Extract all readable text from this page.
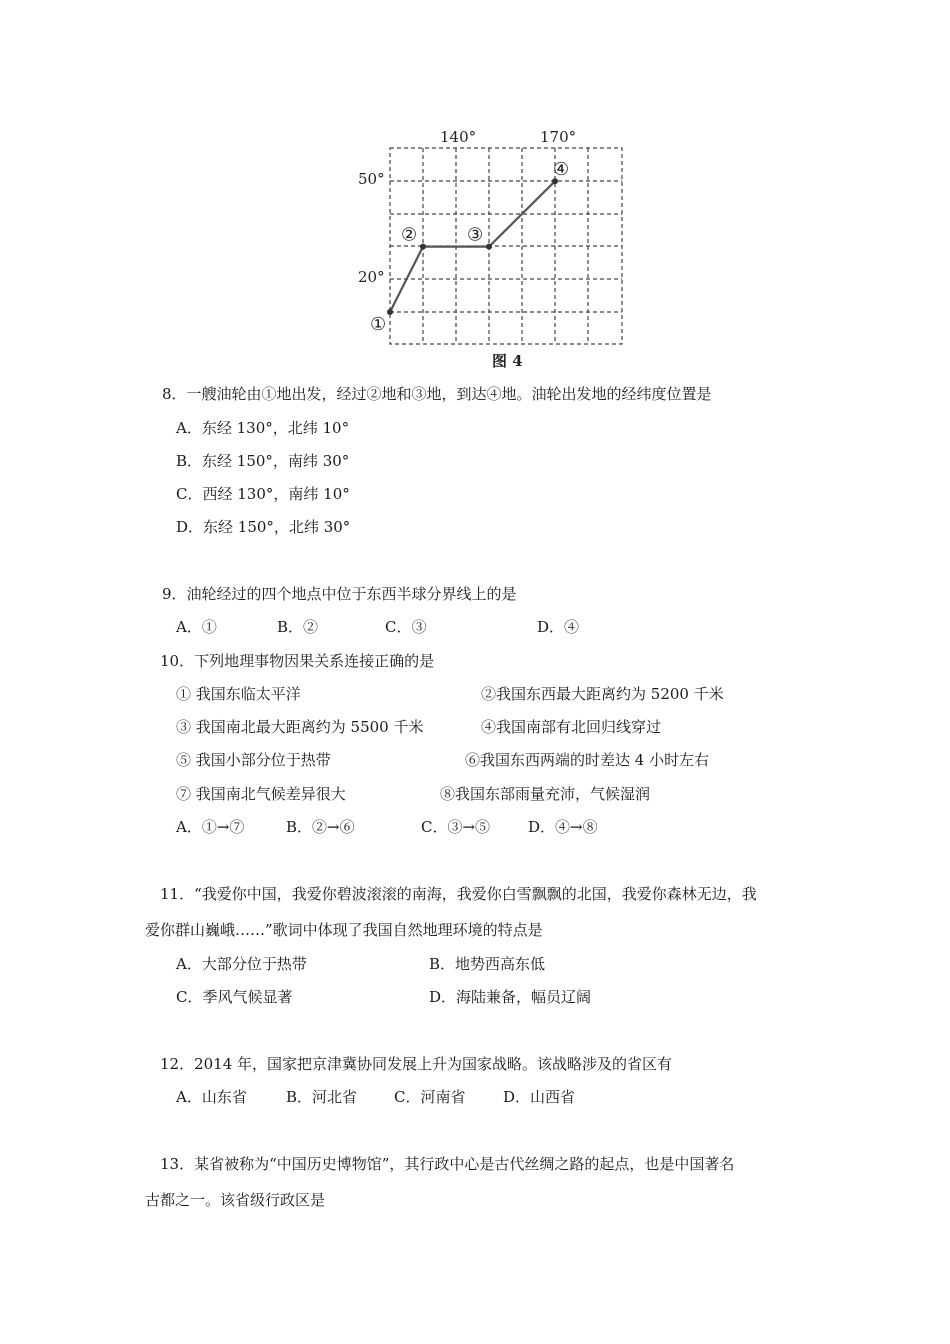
①
②	③
④
140°	170°
50°
20°
图 4
8．一艘油轮由①地出发，经过②地和③地，到达④地。油轮出发地的经纬度位置是
A．东经 130°，北纬 10°
B．东经 150°，南纬 30°
C．西经 130°，南纬 10°
D．东经 150°，北纬 30°
9．油轮经过的四个地点中位于东西半球分界线上的是
A．①	B．②	C．③	D．④
10．下列地理事物因果关系连接正确的是
① 我国东临太平洋	②我国东西最大距离约为 5200 千米
③ 我国南北最大距离约为 5500 千米	④我国南部有北回归线穿过
⑤ 我国小部分位于热带	⑥我国东西两端的时差达 4 小时左右
⑦ 我国南北气候差异很大	⑧我国东部雨量充沛，气候湿润
A．①→⑦	B．②→⑥	C．③→⑤	D．④→⑧
11．“我爱你中国，我爱你碧波滚滚的南海，我爱你白雪飘飘的北国，我爱你森林无边，我
爱你群山巍峨……”歌词中体现了我国自然地理环境的特点是
A．大部分位于热带	B．地势西高东低
C．季风气候显著	D．海陆兼备，幅员辽阔
12．2014 年，国家把京津冀协同发展上升为国家战略。该战略涉及的省区有
A．山东省	B．河北省 C．河南省	D．山西省
13．某省被称为“中国历史博物馆”，其行政中心是古代丝绸之路的起点，也是中国著名
古都之一。该省级行政区是
